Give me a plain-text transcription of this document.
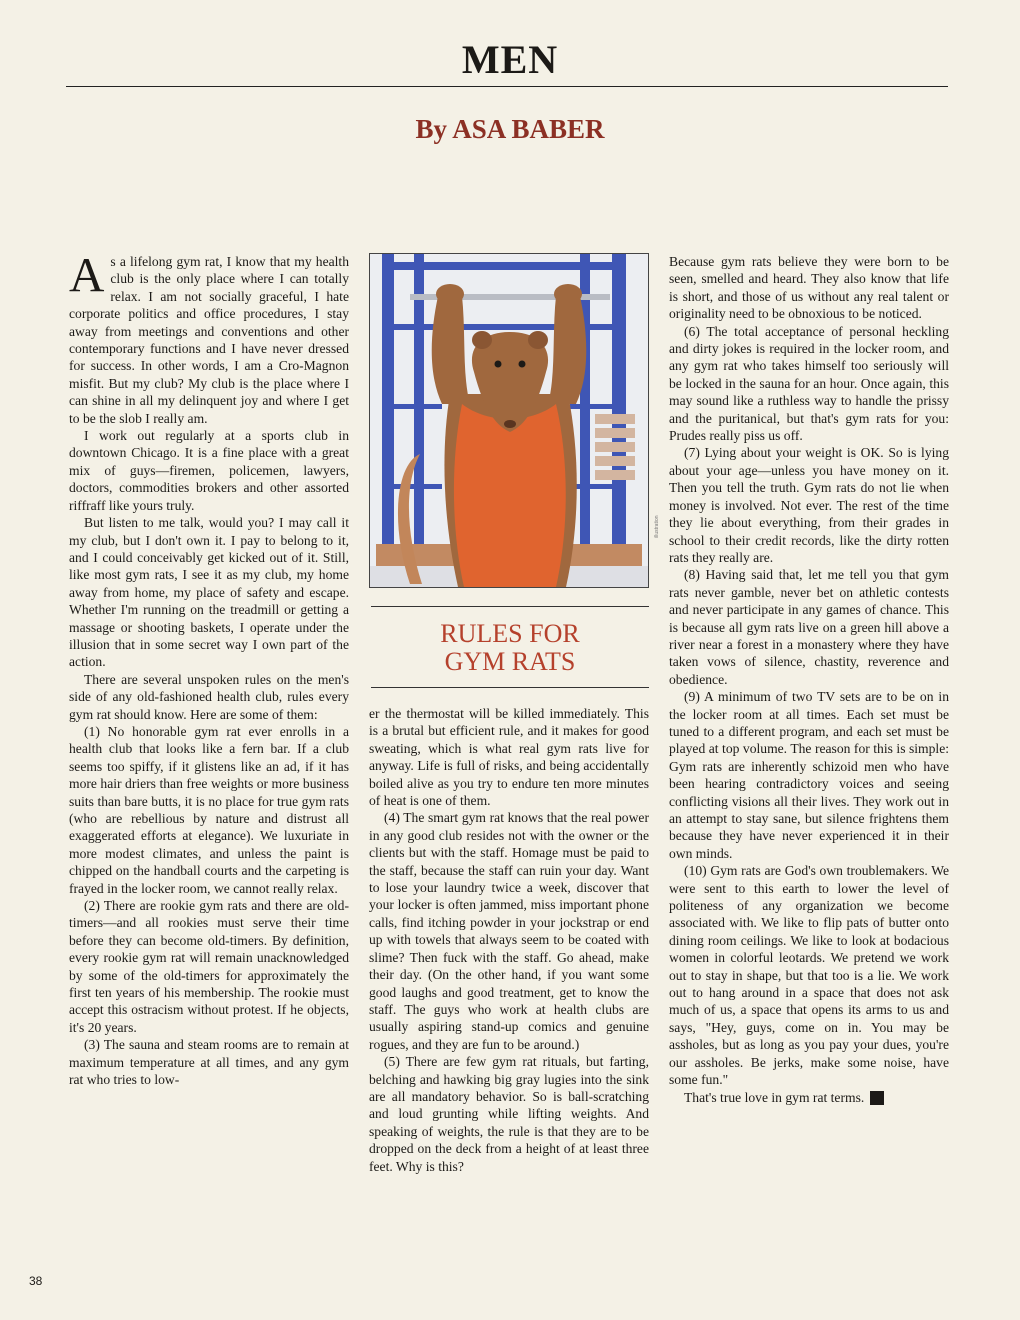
MEN
By ASA BABER

As a lifelong gym rat, I know that my health club is the only place where I can totally relax. I am not socially graceful, I hate corporate politics and office procedures, I stay away from meetings and conventions and other contemporary functions and I have never dressed for success. In other words, I am a Cro-Magnon misfit. But my club? My club is the place where I can shine in all my delinquent joy and where I get to be the slob I really am.

I work out regularly at a sports club in downtown Chicago. It is a fine place with a great mix of guys—firemen, policemen, lawyers, doctors, commodities brokers and other assorted riffraff like yours truly.

But listen to me talk, would you? I may call it my club, but I don't own it. I pay to belong to it, and I could conceivably get kicked out of it. Still, like most gym rats, I see it as my club, my home away from home, my place of safety and escape. Whether I'm running on the treadmill or getting a massage or shooting baskets, I operate under the illusion that in some secret way I own part of the action.

There are several unspoken rules on the men's side of any old-fashioned health club, rules every gym rat should know. Here are some of them:

(1) No honorable gym rat ever enrolls in a health club that looks like a fern bar. If a club seems too spiffy, if it glistens like an ad, if it has more hair driers than free weights or more business suits than bare butts, it is no place for true gym rats (who are rebellious by nature and distrust all exaggerated efforts at elegance). We luxuriate in more modest climates, and unless the paint is chipped on the handball courts and the carpeting is frayed in the locker room, we cannot really relax.

(2) There are rookie gym rats and there are old-timers—and all rookies must serve their time before they can become old-timers. By definition, every rookie gym rat will remain unacknowledged by some of the old-timers for approximately the first ten years of his membership. The rookie must accept this ostracism without protest. If he objects, it's 20 years.

(3) The sauna and steam rooms are to remain at maximum temperature at all times, and any gym rat who tries to low-

illustration
RULES FOR
GYM RATS

er the thermostat will be killed immediately. This is a brutal but efficient rule, and it makes for good sweating, which is what real gym rats live for anyway. Life is full of risks, and being accidentally boiled alive as you try to endure ten more minutes of heat is one of them.

(4) The smart gym rat knows that the real power in any good club resides not with the owner or the clients but with the staff. Homage must be paid to the staff, because the staff can ruin your day. Want to lose your laundry twice a week, discover that your locker is often jammed, miss important phone calls, find itching powder in your jockstrap or end up with towels that always seem to be coated with slime? Then fuck with the staff. Go ahead, make their day. (On the other hand, if you want some good laughs and good treatment, get to know the staff. The guys who work at health clubs are usually aspiring stand-up comics and genuine rogues, and they are fun to be around.)

(5) There are few gym rat rituals, but farting, belching and hawking big gray lugies into the sink are all mandatory behavior. So is ball-scratching and loud grunting while lifting weights. And speaking of weights, the rule is that they are to be dropped on the deck from a height of at least three feet. Why is this?

Because gym rats believe they were born to be seen, smelled and heard. They also know that life is short, and those of us without any real talent or originality need to be obnoxious to be noticed.

(6) The total acceptance of personal heckling and dirty jokes is required in the locker room, and any gym rat who takes himself too seriously will be locked in the sauna for an hour. Once again, this may sound like a ruthless way to handle the prissy and the puritanical, but that's gym rats for you: Prudes really piss us off.

(7) Lying about your weight is OK. So is lying about your age—unless you have money on it. Then you tell the truth. Gym rats do not lie when money is involved. Not ever. The rest of the time they lie about everything, from their grades in school to their credit records, like the dirty rotten rats they really are.

(8) Having said that, let me tell you that gym rats never gamble, never bet on athletic contests and never participate in any games of chance. This is because all gym rats live on a green hill above a river near a forest in a monastery where they have taken vows of silence, chastity, reverence and obedience.

(9) A minimum of two TV sets are to be on in the locker room at all times. Each set must be tuned to a different program, and each set must be played at top volume. The reason for this is simple: Gym rats are inherently schizoid men who have been hearing contradictory voices and seeing conflicting visions all their lives. They work out in an attempt to stay sane, but silence frightens them because they have never experienced it in their own minds.

(10) Gym rats are God's own troublemakers. We were sent to this earth to lower the level of politeness of any organization we become associated with. We like to flip pats of butter onto dining room ceilings. We like to look at bodacious women in colorful leotards. We pretend we work out to stay in shape, but that too is a lie. We work out to hang around in a space that does not ask much of us, a space that opens its arms to us and says, "Hey, guys, come on in. You may be assholes, but as long as you pay your dues, you're our assholes. Be jerks, make some noise, have some fun."

That's true love in gym rat terms. ♠

38
